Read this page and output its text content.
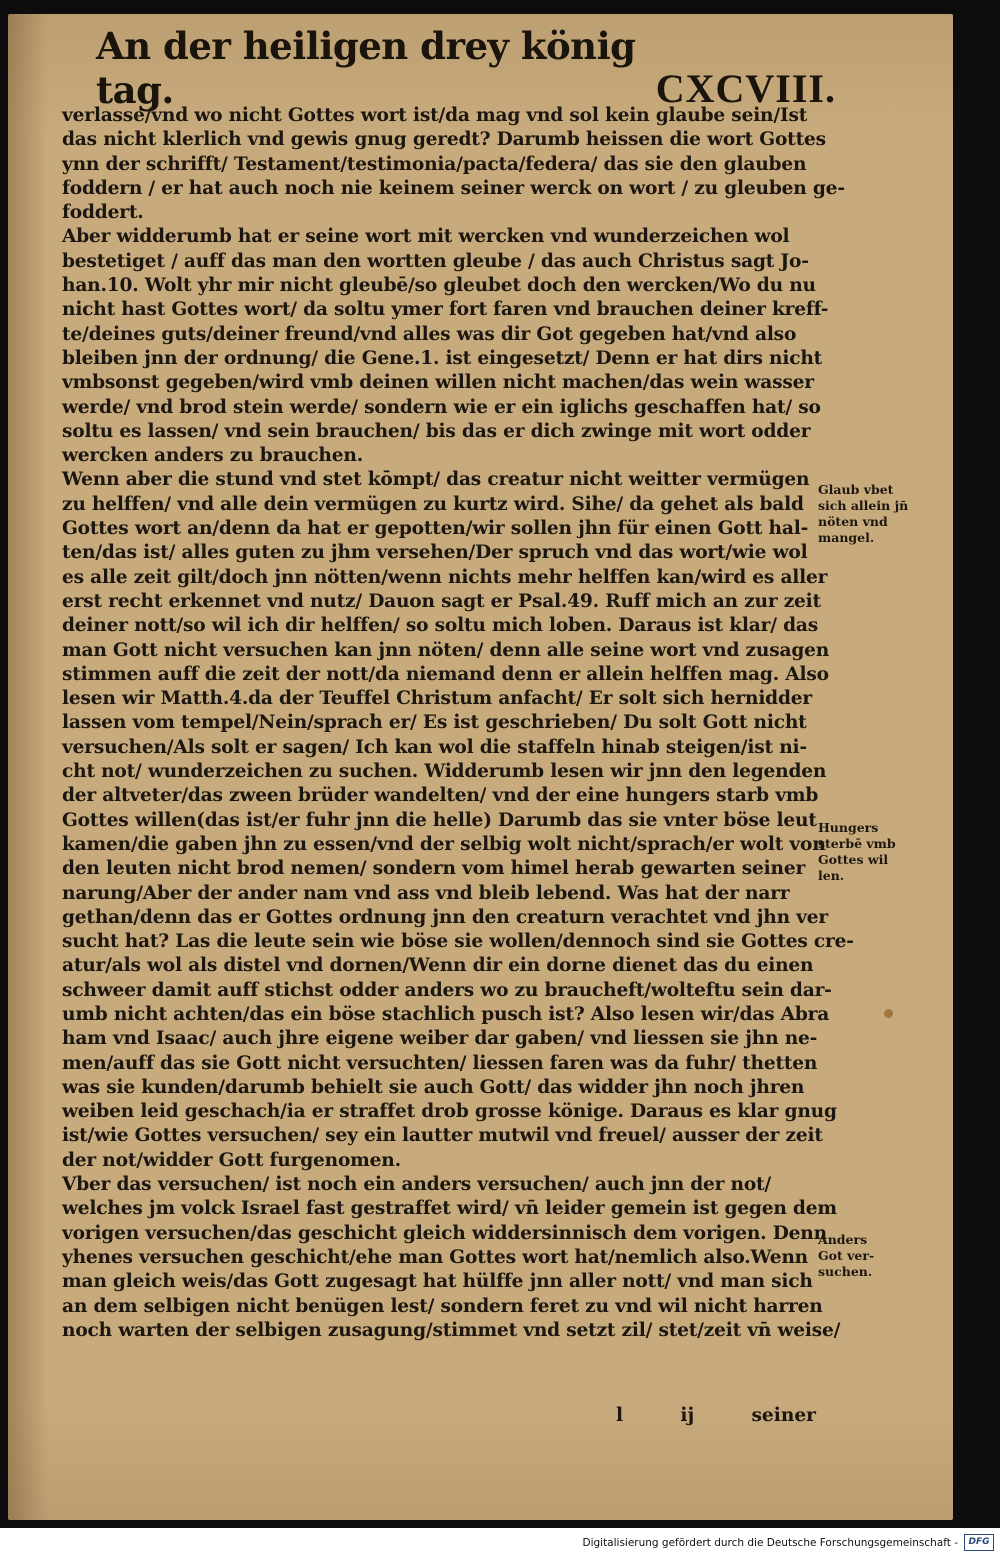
An der heiligen drey könig tag.	CXCVIII.
verlasse/vnd wo nicht Gottes wort ist/da mag vnd sol kein glaube sein/Ist
das nicht klerlich vnd gewis gnug geredt? Darumb heissen die wort Gottes
ynn der schrifft/ Testament/testimonia/pacta/federa/ das sie den glauben
foddern / er hat auch noch nie keinem seiner werck on wort / zu gleuben ge-
foddert.
Aber widderumb hat er seine wort mit wercken vnd wunderzeichen wol
bestetiget / auff das man den wortten gleube / das auch Christus sagt Jo-
han.10. Wolt yhr mir nicht gleubē/so gleubet doch den wercken/Wo du nu
nicht hast Gottes wort/ da soltu ymer fort faren vnd brauchen deiner kreff-
te/deines guts/deiner freund/vnd alles was dir Got gegeben hat/vnd also
bleiben jnn der ordnung/ die Gene.1. ist eingesetzt/ Denn er hat dirs nicht
vmbsonst gegeben/wird vmb deinen willen nicht machen/das wein wasser
werde/ vnd brod stein werde/ sondern wie er ein iglichs geschaffen hat/ so
soltu es lassen/ vnd sein brauchen/ bis das er dich zwinge mit wort odder
wercken anders zu brauchen.
Wenn aber die stund vnd stet kōmpt/ das creatur nicht weitter vermügen
zu helffen/ vnd alle dein vermügen zu kurtz wird. Sihe/ da gehet als bald
Gottes wort an/denn da hat er gepotten/wir sollen jhn für einen Gott hal-
ten/das ist/ alles guten zu jhm versehen/Der spruch vnd das wort/wie wol
es alle zeit gilt/doch jnn nötten/wenn nichts mehr helffen kan/wird es aller
erst recht erkennet vnd nutz/ Dauon sagt er Psal.49. Ruff mich an zur zeit
deiner nott/so wil ich dir helffen/ so soltu mich loben. Daraus ist klar/ das
man Gott nicht versuchen kan jnn nöten/ denn alle seine wort vnd zusagen
stimmen auff die zeit der nott/da niemand denn er allein helffen mag. Also
lesen wir Matth.4.da der Teuffel Christum anfacht/ Er solt sich hernidder
lassen vom tempel/Nein/sprach er/ Es ist geschrieben/ Du solt Gott nicht
versuchen/Als solt er sagen/ Ich kan wol die staffeln hinab steigen/ist ni-
cht not/ wunderzeichen zu suchen. Widderumb lesen wir jnn den legenden
der altveter/das zween brüder wandelten/ vnd der eine hungers starb vmb
Gottes willen(das ist/er fuhr jnn die helle) Darumb das sie vnter böse leut
kamen/die gaben jhn zu essen/vnd der selbig wolt nicht/sprach/er wolt von
den leuten nicht brod nemen/ sondern vom himel herab gewarten seiner
narung/Aber der ander nam vnd ass vnd bleib lebend. Was hat der narr
gethan/denn das er Gottes ordnung jnn den creaturn verachtet vnd jhn ver
sucht hat? Las die leute sein wie böse sie wollen/dennoch sind sie Gottes cre-
atur/als wol als distel vnd dornen/Wenn dir ein dorne dienet das du einen
schweer damit auff stichst odder anders wo zu braucheft/wolteftu sein dar-
umb nicht achten/das ein böse stachlich pusch ist? Also lesen wir/das Abra
ham vnd Isaac/ auch jhre eigene weiber dar gaben/ vnd liessen sie jhn ne-
men/auff das sie Gott nicht versuchten/ liessen faren was da fuhr/ thetten
was sie kunden/darumb behielt sie auch Gott/ das widder jhn noch jhren
weiben leid geschach/ia er straffet drob grosse könige. Daraus es klar gnug
ist/wie Gottes versuchen/ sey ein lautter mutwil vnd freuel/ ausser der zeit
der not/widder Gott furgenomen.
Vber das versuchen/ ist noch ein anders versuchen/ auch jnn der not/
welches jm volck Israel fast gestraffet wird/ vn̄ leider gemein ist gegen dem
vorigen versuchen/das geschicht gleich widdersinnisch dem vorigen. Denn
yhenes versuchen geschicht/ehe man Gottes wort hat/nemlich also.Wenn
man gleich weis/das Gott zugesagt hat hülffe jnn aller nott/ vnd man sich
an dem selbigen nicht benügen lest/ sondern feret zu vnd wil nicht harren
noch warten der selbigen zusagung/stimmet vnd setzt zil/ stet/zeit vn̄ weise/
Glaub vbet
sich allein jn̄
nöten vnd
mangel.
Hungers
sterbē vmb
Gottes wil
len.
Anders
Got ver-
suchen.
l	ij	seiner
Digitalisierung gefördert durch die Deutsche Forschungsgemeinschaft -	DFG
